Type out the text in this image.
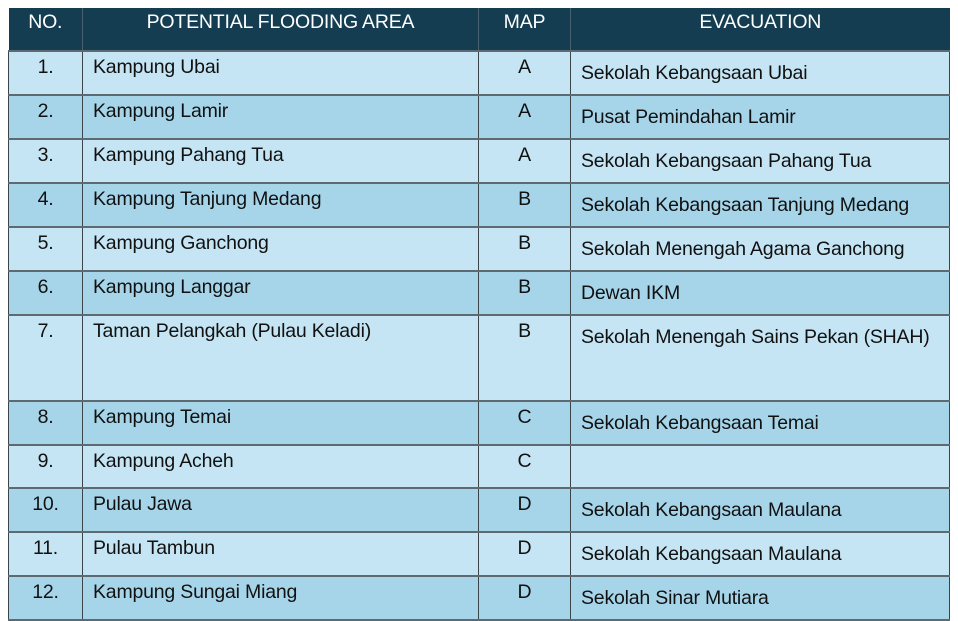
NO.	POTENTIAL FLOODING AREA	MAP	EVACUATION
1.	Kampung Ubai	A	Sekolah Kebangsaan Ubai
2.	Kampung Lamir	A	Pusat Pemindahan Lamir
3.	Kampung Pahang Tua	A	Sekolah Kebangsaan Pahang Tua
4.	Kampung Tanjung Medang	B	Sekolah Kebangsaan Tanjung Medang
5.	Kampung Ganchong	B	Sekolah Menengah Agama Ganchong
6.	Kampung Langgar	B	Dewan IKM
7.	Taman Pelangkah (Pulau Keladi)	B	Sekolah Menengah Sains Pekan (SHAH)
8.	Kampung Temai	C	Sekolah Kebangsaan Temai
9.	Kampung Acheh	C	
10.	Pulau Jawa	D	Sekolah Kebangsaan Maulana
11.	Pulau Tambun	D	Sekolah Kebangsaan Maulana
12.	Kampung Sungai Miang	D	Sekolah Sinar Mutiara
